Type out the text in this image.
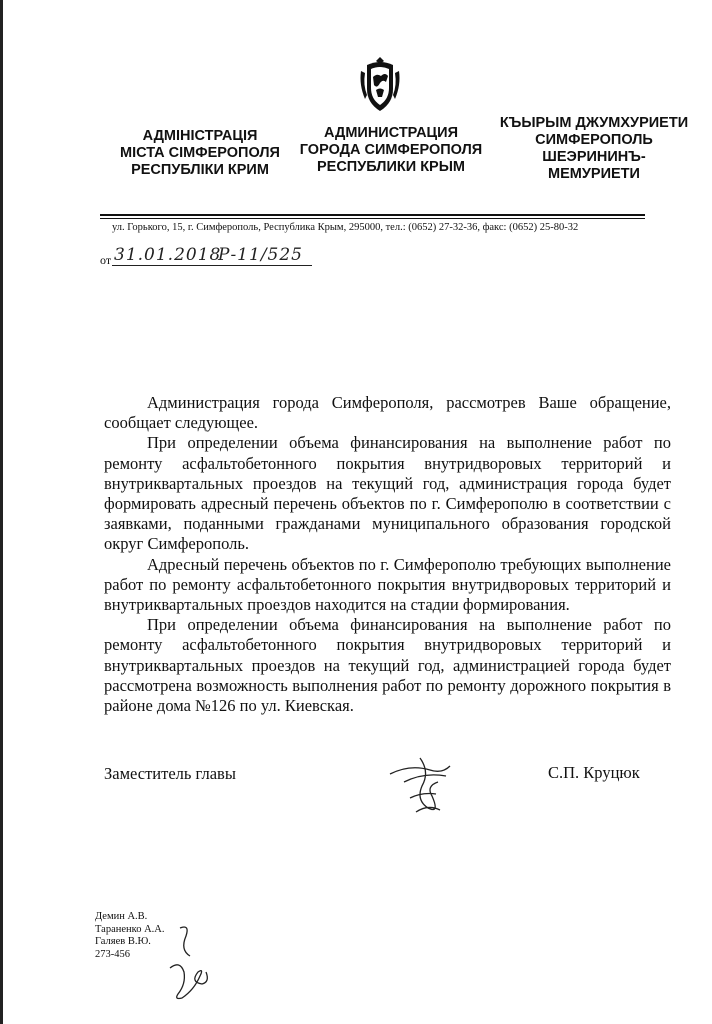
АДМІНІСТРАЦІЯ
МІСТА СІМФЕРОПОЛЯ
РЕСПУБЛІКИ КРИМ
АДМИНИСТРАЦИЯ
ГОРОДА СИМФЕРОПОЛЯ
РЕСПУБЛИКИ КРЫМ
КЪЫРЫМ ДЖУМХУРИЕТИ
СИМФЕРОПОЛЬ
ШЕЭРИНИНЪ-
МЕМУРИЕТИ
ул. Горького, 15, г. Симферополь, Республика Крым, 295000, тел.: (0652) 27-32-36, факс: (0652) 25-80-32
от 31.01.2018
Р-11/525

Администрация города Симферополя, рассмотрев Ваше обращение, сообщает следующее.

При определении объема финансирования на выполнение работ по ремонту асфальтобетонного покрытия внутридворовых территорий и внутриквартальных проездов на текущий год, администрация города будет формировать адресный перечень объектов по г. Симферополю в соответствии с заявками, поданными гражданами муниципального образования городской округ Симферополь.

Адресный перечень объектов по г. Симферополю требующих выполнение работ по ремонту асфальтобетонного покрытия внутридворовых территорий и внутриквартальных проездов находится на стадии формирования.

При определении объема финансирования на выполнение работ по ремонту асфальтобетонного покрытия внутридворовых территорий и внутриквартальных проездов на текущий год, администрацией города будет рассмотрена возможность выполнения работ по ремонту дорожного покрытия в районе дома №126 по ул. Киевская.

Заместитель главы	С.П. Круцюк
Демин А.В.
Тараненко А.А.
Галяев В.Ю.
273-456
